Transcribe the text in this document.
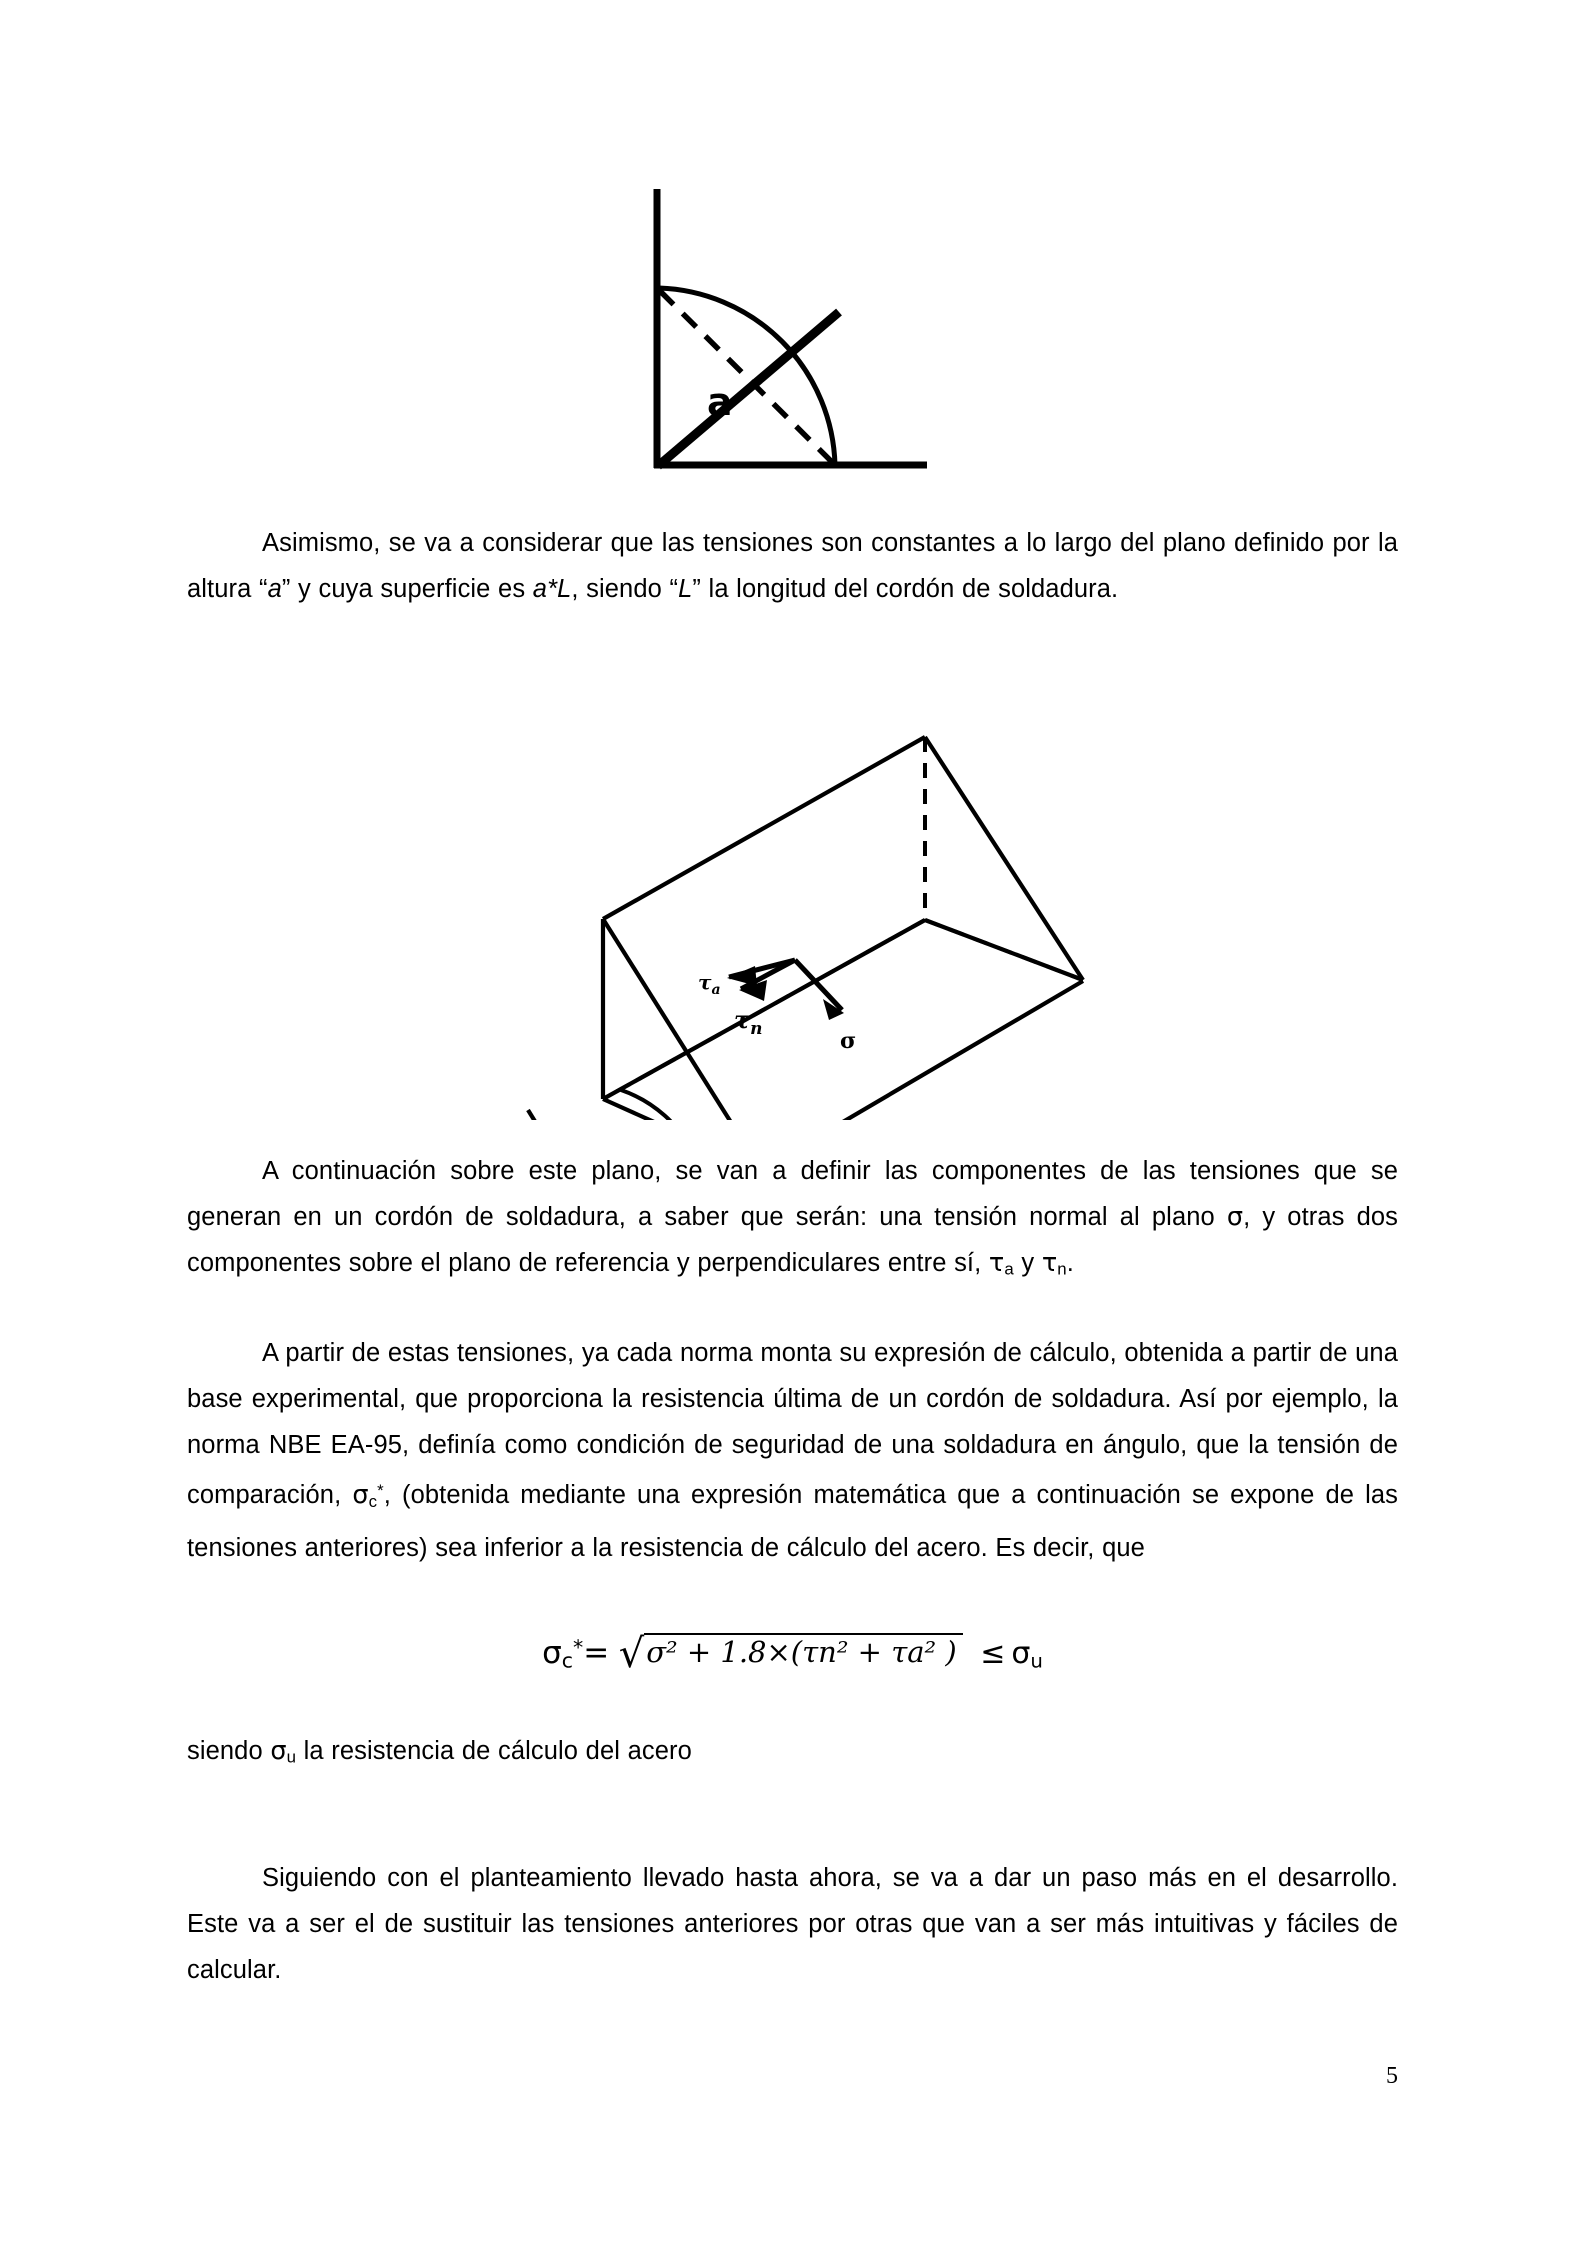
a

Asimismo, se va a considerar que las tensiones son constantes a lo largo del plano definido por la altura “a” y cuya superficie es a*L, siendo “L” la longitud del cordón de soldadura.

$\tau_a$
$\tau_n$	σ

A continuación sobre este plano, se van a definir las componentes de las tensiones que se generan en un cordón de soldadura, a saber que serán: una tensión normal al plano σ, y otras dos componentes sobre el plano de referencia y perpendiculares entre sí, $\tau_a$ y $\tau_n$.

A partir de estas tensiones, ya cada norma monta su expresión de cálculo, obtenida a partir de una base experimental, que proporciona la resistencia última de un cordón de soldadura. Así por ejemplo, la norma NBE EA-95, definía como condición de seguridad de una soldadura en ángulo, que la tensión de comparación, $\sigma_c^*$, (obtenida mediante una expresión matemática que a continuación se expone de las tensiones anteriores) sea inferior a la resistencia de cálculo del acero. Es decir, que

$\sigma_c^*= √\sigma^2 + 1.8\times(\tau n^2 + \tau a^2$ ) ≤ $\sigma_u$

siendo $\sigma_u$ la resistencia de cálculo del acero

Siguiendo con el planteamiento llevado hasta ahora, se va a dar un paso más en el desarrollo. Este va a ser el de sustituir las tensiones anteriores por otras que van a ser más intuitivas y fáciles de calcular.

5
